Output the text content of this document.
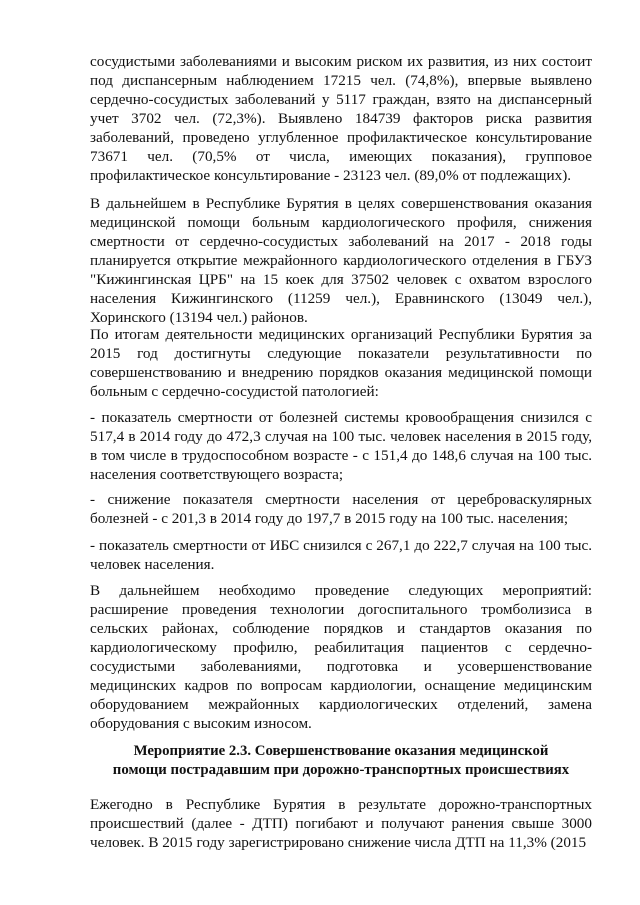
сосудистыми заболеваниями и высоким риском их развития, из них состоит под диспансерным наблюдением 17215 чел. (74,8%), впервые выявлено сердечно-сосудистых заболеваний у 5117 граждан, взято на диспансерный учет 3702 чел. (72,3%). Выявлено 184739 факторов риска развития заболеваний, проведено углубленное профилактическое консультирование 73671 чел. (70,5% от числа, имеющих показания), групповое профилактическое консультирование - 23123 чел. (89,0% от подлежащих).

В дальнейшем в Республике Бурятия в целях совершенствования оказания медицинской помощи больным кардиологического профиля, снижения смертности от сердечно-сосудистых заболеваний на 2017 - 2018 годы планируется открытие межрайонного кардиологического отделения в ГБУЗ "Кижингинская ЦРБ" на 15 коек для 37502 человек с охватом взрослого населения Кижингинского (11259 чел.), Еравнинского (13049 чел.), Хоринского (13194 чел.) районов.

По итогам деятельности медицинских организаций Республики Бурятия за 2015 год достигнуты следующие показатели результативности по совершенствованию и внедрению порядков оказания медицинской помощи больным с сердечно-сосудистой патологией:

- показатель смертности от болезней системы кровообращения снизился с 517,4 в 2014 году до 472,3 случая на 100 тыс. человек населения в 2015 году, в том числе в трудоспособном возрасте - с 151,4 до 148,6 случая на 100 тыс. населения соответствующего возраста;

- снижение показателя смертности населения от цереброваскулярных болезней - с 201,3 в 2014 году до 197,7 в 2015 году на 100 тыс. населения;

- показатель смертности от ИБС снизился с 267,1 до 222,7 случая на 100 тыс. человек населения.

В дальнейшем необходимо проведение следующих мероприятий: расширение проведения технологии догоспитального тромболизиса в сельских районах, соблюдение порядков и стандартов оказания по кардиологическому профилю, реабилитация пациентов с сердечно-сосудистыми заболеваниями, подготовка и усовершенствование медицинских кадров по вопросам кардиологии, оснащение медицинским оборудованием межрайонных кардиологических отделений, замена оборудования с высоким износом.

Мероприятие 2.3. Совершенствование оказания медицинской
помощи пострадавшим при дорожно-транспортных происшествиях

Ежегодно в Республике Бурятия в результате дорожно-транспортных происшествий (далее - ДТП) погибают и получают ранения свыше 3000 человек. В 2015 году зарегистрировано снижение числа ДТП на 11,3% (2015
